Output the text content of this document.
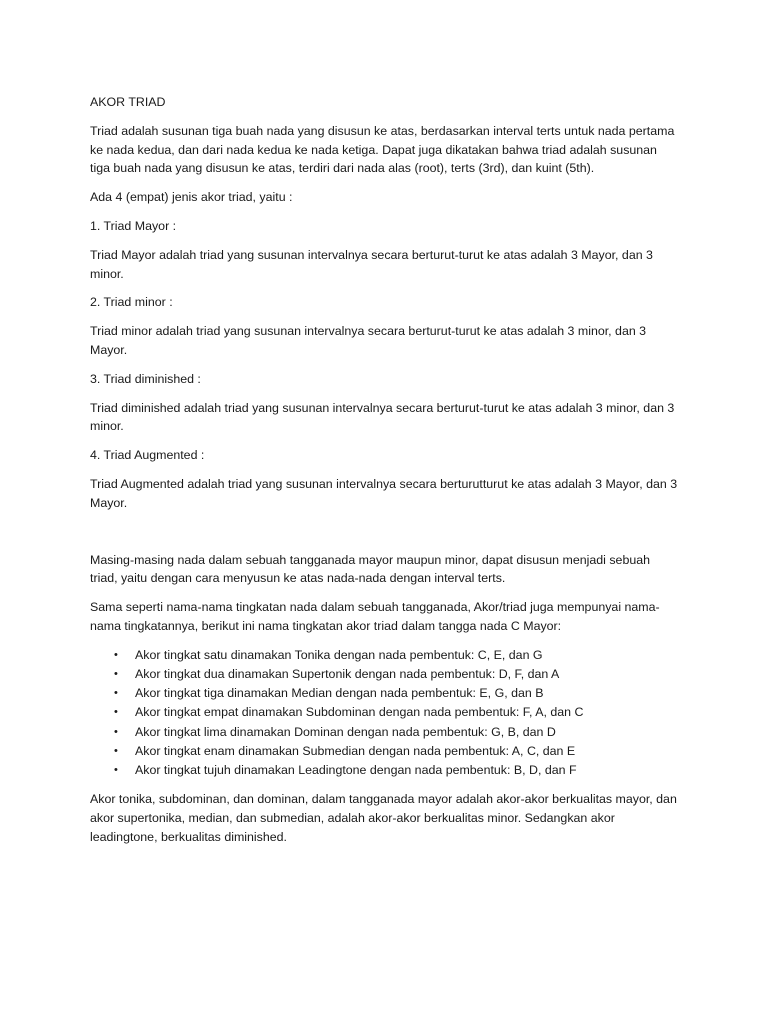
AKOR TRIAD

Triad adalah susunan tiga buah nada yang disusun ke atas, berdasarkan interval terts untuk nada pertama ke nada kedua, dan dari nada kedua ke nada ketiga. Dapat juga dikatakan bahwa triad adalah susunan tiga buah nada yang disusun ke atas, terdiri dari nada alas (root), terts (3rd), dan kuint (5th).

Ada 4 (empat) jenis akor triad, yaitu :

1. Triad Mayor :

Triad Mayor adalah triad yang susunan intervalnya secara berturut-turut ke atas adalah 3 Mayor, dan 3 minor.

2. Triad minor :

Triad minor adalah triad yang susunan intervalnya secara berturut-turut ke atas adalah 3 minor, dan 3 Mayor.

3. Triad diminished :

Triad diminished adalah triad yang susunan intervalnya secara berturut-turut ke atas adalah 3 minor, dan 3 minor.

4. Triad Augmented :

Triad Augmented adalah triad yang susunan intervalnya secara berturutturut ke atas adalah 3 Mayor, dan 3 Mayor.

Masing-masing nada dalam sebuah tangganada mayor maupun minor, dapat disusun menjadi sebuah triad, yaitu dengan cara menyusun ke atas nada-nada dengan interval terts.

Sama seperti nama-nama tingkatan nada dalam sebuah tangganada, Akor/triad juga mempunyai nama-nama tingkatannya, berikut ini nama tingkatan akor triad dalam tangga nada C Mayor:

• Akor tingkat satu dinamakan Tonika dengan nada pembentuk: C, E, dan G
• Akor tingkat dua dinamakan Supertonik dengan nada pembentuk: D, F, dan A
• Akor tingkat tiga dinamakan Median dengan nada pembentuk: E, G, dan B
• Akor tingkat empat dinamakan Subdominan dengan nada pembentuk: F, A, dan C
• Akor tingkat lima dinamakan Dominan dengan nada pembentuk: G, B, dan D
• Akor tingkat enam dinamakan Submedian dengan nada pembentuk: A, C, dan E
• Akor tingkat tujuh dinamakan Leadingtone dengan nada pembentuk: B, D, dan F

Akor tonika, subdominan, dan dominan, dalam tangganada mayor adalah akor-akor berkualitas mayor, dan akor supertonika, median, dan submedian, adalah akor-akor berkualitas minor. Sedangkan akor leadingtone, berkualitas diminished.
